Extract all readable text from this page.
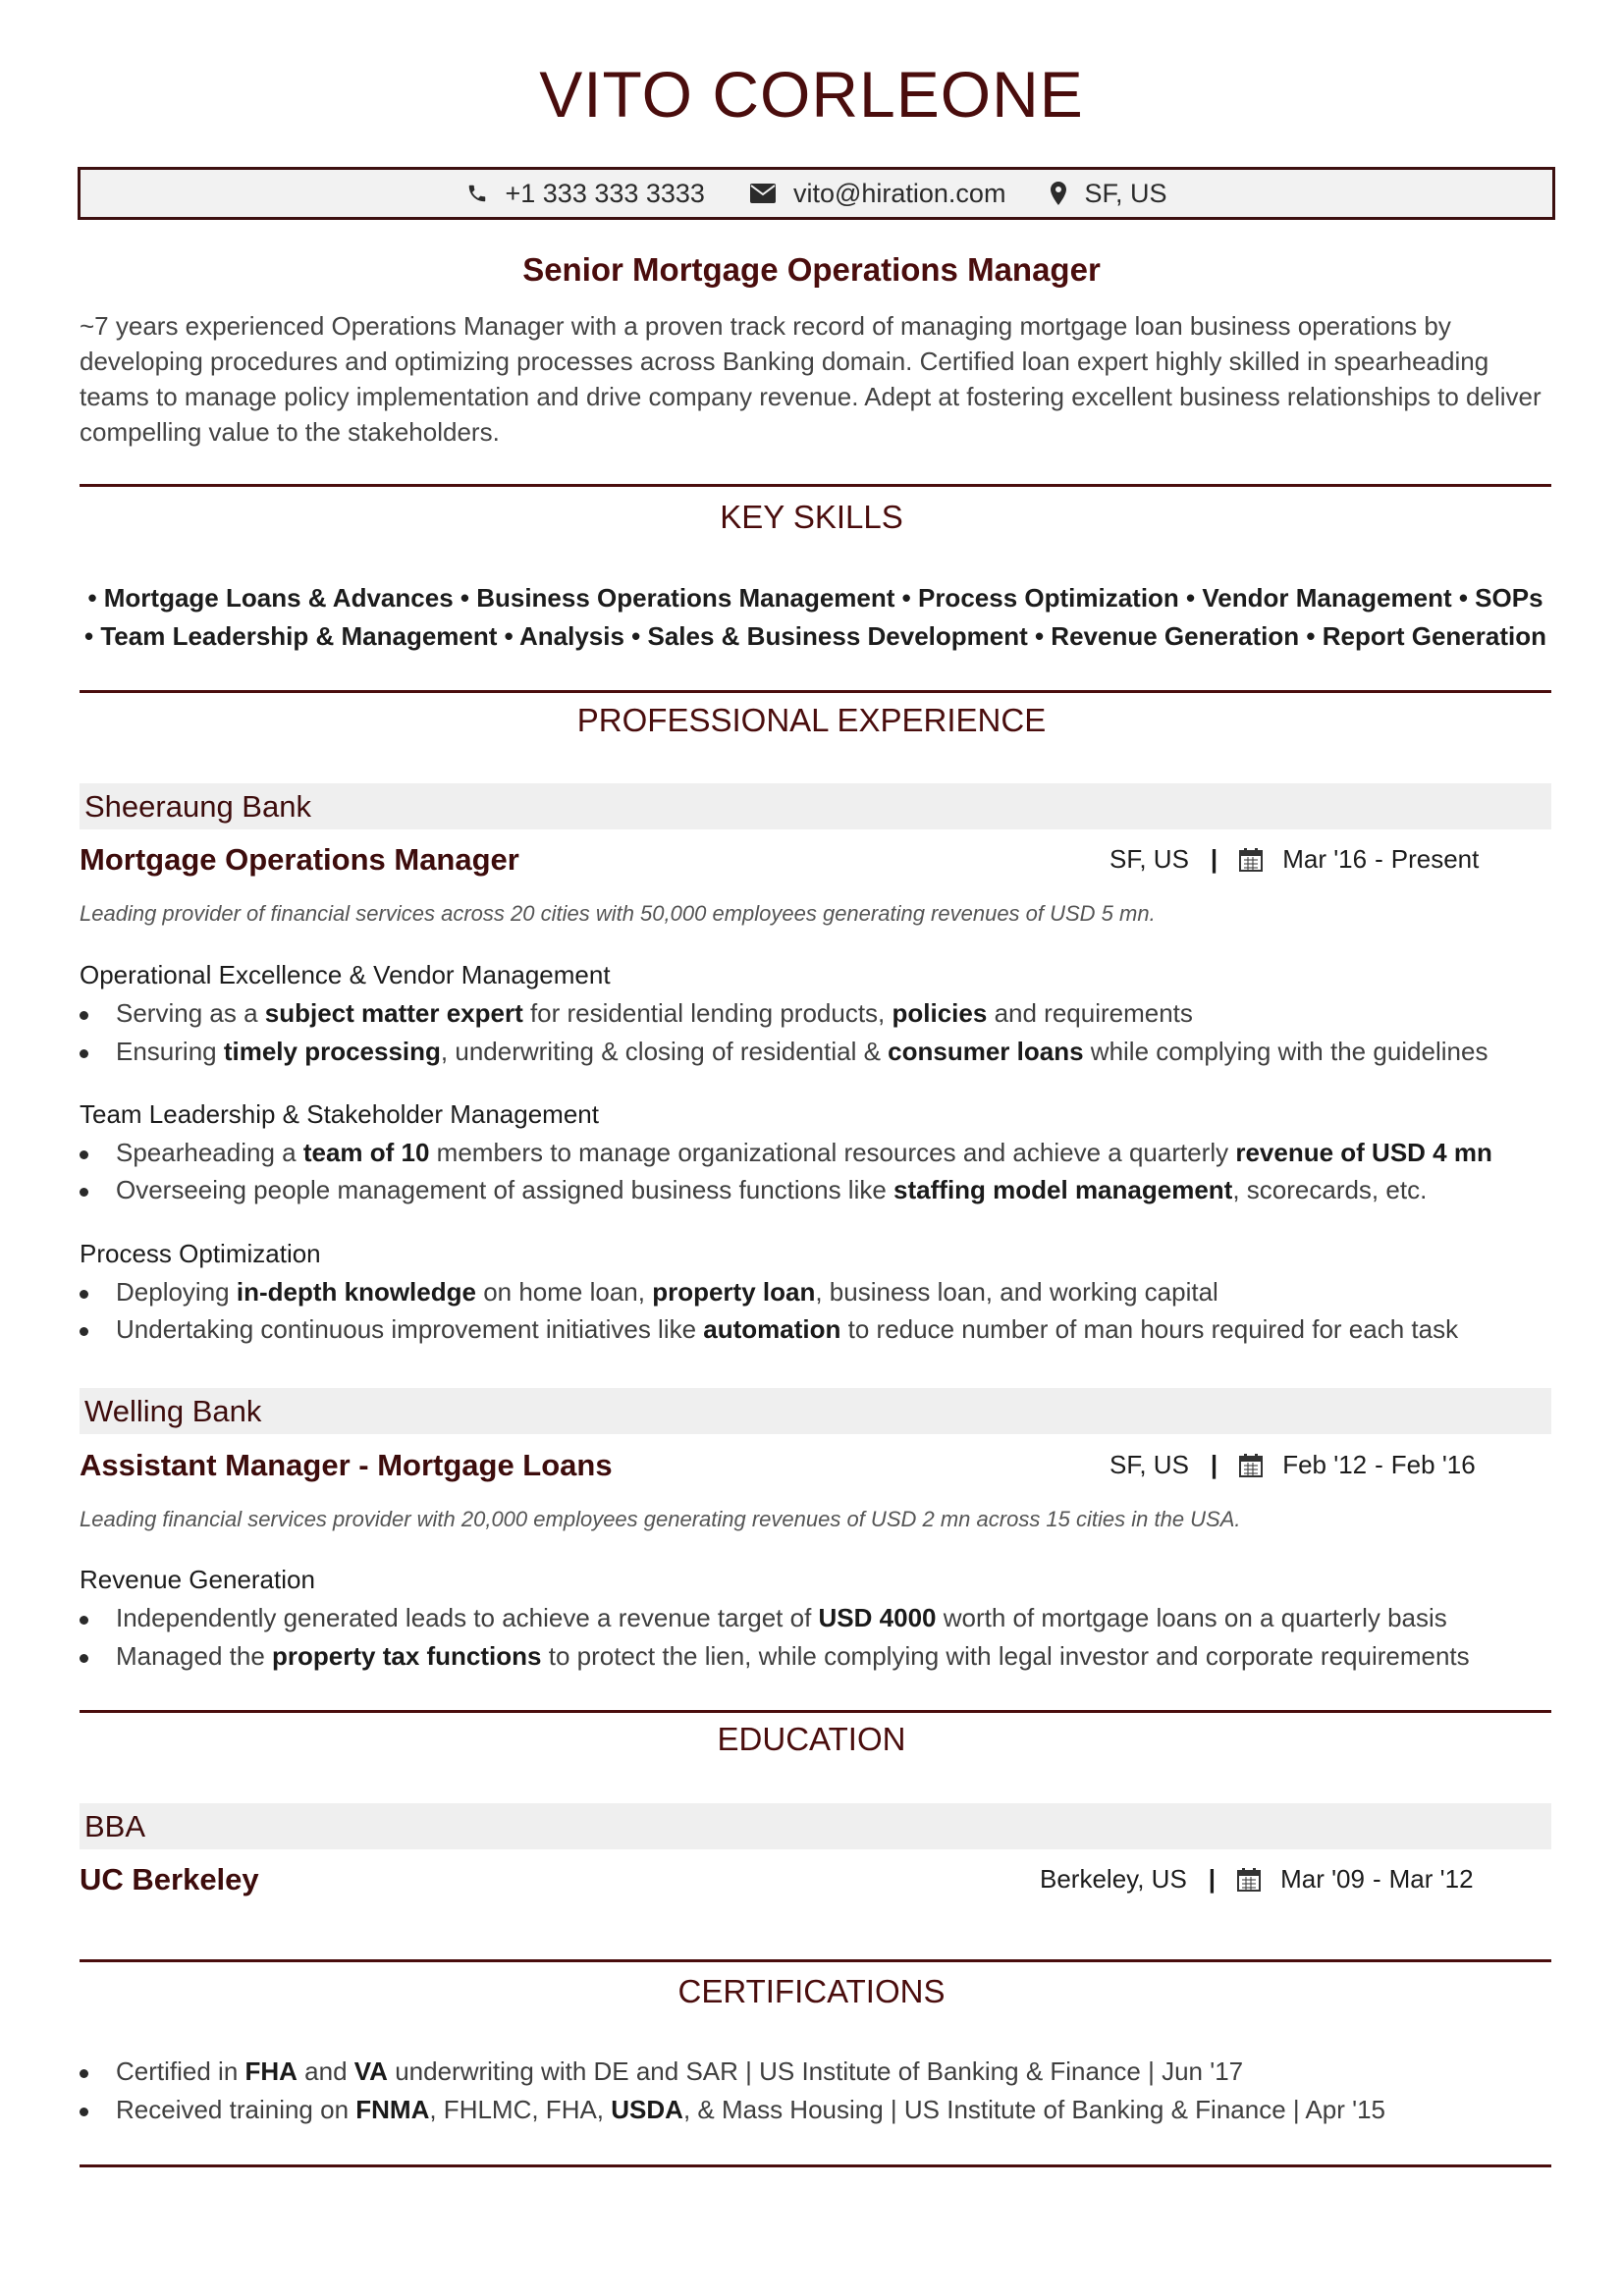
VITO CORLEONE
+1 333 333 3333	vito@hiration.com	SF, US
Senior Mortgage Operations Manager
~7 years experienced Operations Manager with a proven track record of managing mortgage loan business operations by developing procedures and optimizing processes across Banking domain. Certified loan expert highly skilled in spearheading teams to manage policy implementation and drive company revenue. Adept at fostering excellent business relationships to deliver compelling value to the stakeholders.
KEY SKILLS
• Mortgage Loans & Advances • Business Operations Management • Process Optimization • Vendor Management • SOPs
• Team Leadership & Management • Analysis • Sales & Business Development • Revenue Generation • Report Generation
PROFESSIONAL EXPERIENCE
Sheeraung Bank
Mortgage Operations Manager	SF, US |	Mar '16 - Present
Leading provider of financial services across 20 cities with 50,000 employees generating revenues of USD 5 mn.
Operational Excellence & Vendor Management
Serving as a subject matter expert for residential lending products, policies and requirements
Ensuring timely processing, underwriting & closing of residential & consumer loans while complying with the guidelines
Team Leadership & Stakeholder Management
Spearheading a team of 10 members to manage organizational resources and achieve a quarterly revenue of USD 4 mn
Overseeing people management of assigned business functions like staffing model management, scorecards, etc.
Process Optimization
Deploying in-depth knowledge on home loan, property loan, business loan, and working capital
Undertaking continuous improvement initiatives like automation to reduce number of man hours required for each task
Welling Bank
Assistant Manager - Mortgage Loans	SF, US |	Feb '12 - Feb '16
Leading financial services provider with 20,000 employees generating revenues of USD 2 mn across 15 cities in the USA.
Revenue Generation
Independently generated leads to achieve a revenue target of USD 4000 worth of mortgage loans on a quarterly basis
Managed the property tax functions to protect the lien, while complying with legal investor and corporate requirements
EDUCATION
BBA
UC Berkeley	Berkeley, US |	Mar '09 - Mar '12
CERTIFICATIONS
Certified in FHA and VA underwriting with DE and SAR | US Institute of Banking & Finance | Jun '17
Received training on FNMA, FHLMC, FHA, USDA, & Mass Housing | US Institute of Banking & Finance | Apr '15
